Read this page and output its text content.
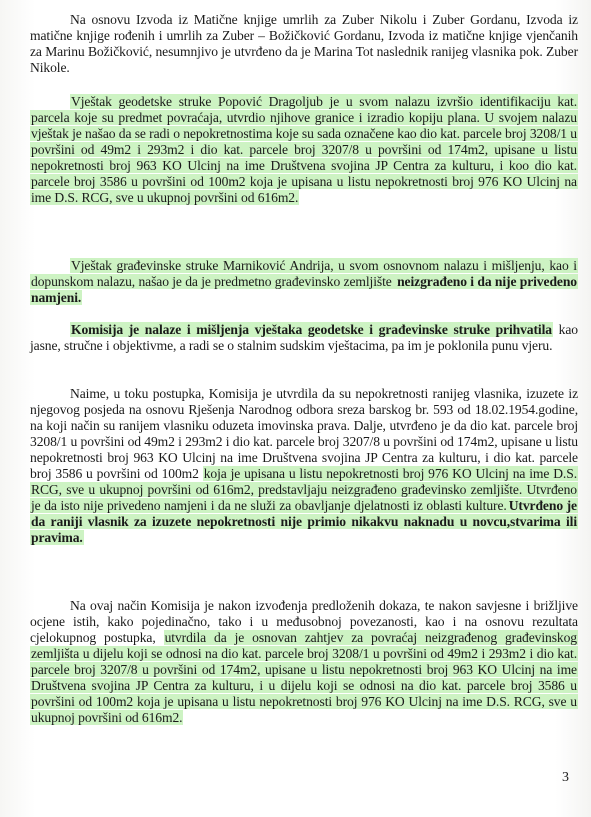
Na osnovu Izvoda iz Matične knjige umrlih za Zuber Nikolu i Zuber Gordanu, Izvoda iz matične knjige rođenih i umrlih za Zuber – Božičković Gordanu, Izvoda iz matične knjige vjenčanih za Marinu Božičković, nesumnjivo je utvrđeno da je Marina Tot naslednik ranijeg vlasnika pok. Zuber Nikole.
Vještak geodetske struke Popović Dragoljub je u svom nalazu izvršio identifikaciju kat. parcela koje su predmet povraćaja, utvrdio njihove granice i izradio kopiju plana. U svojem nalazu vještak je našao da se radi o nepokretnostima koje su sada označene kao dio kat. parcele broj 3208/1 u površini od 49m2 i 293m2 i dio kat. parcele broj 3207/8 u površini od 174m2, upisane u listu nepokretnosti broj 963 KO Ulcinj na ime Društvena svojina JP Centra za kulturu, i koo dio kat. parcele broj 3586 u površini od 100m2 koja je upisana u listu nepokretnosti broj 976 KO Ulcinj na ime D.S. RCG, sve u ukupnoj površini od 616m2.
Vještak građevinske struke Marniković Andrija, u svom osnovnom nalazu i mišljenju, kao i dopunskom nalazu, našao je da je predmetno građevinsko zemljište neizgrađeno i da nije privedeno namjeni.
Komisija je nalaze i mišljenja vještaka geodetske i građevinske struke prihvatila kao jasne, stručne i objektivme, a radi se o stalnim sudskim vještacima, pa im je poklonila punu vjeru.
Naime, u toku postupka, Komisija je utvrdila da su nepokretnosti ranijeg vlasnika, izuzete iz njegovog posjeda na osnovu Rješenja Narodnog odbora sreza barskog br. 593 od 18.02.1954.godine, na koji način su ranijem vlasniku oduzeta imovinska prava. Dalje, utvrđeno je da dio kat. parcele broj 3208/1 u površini od 49m2 i 293m2 i dio kat. parcele broj 3207/8 u površini od 174m2, upisane u listu nepokretnosti broj 963 KO Ulcinj na ime Društvena svojina JP Centra za kulturu, i dio kat. parcele broj 3586 u površini od 100m2 koja je upisana u listu nepokretnosti broj 976 KO Ulcinj na ime D.S. RCG, sve u ukupnoj površini od 616m2, predstavljaju neizgrađeno građevinsko zemljište. Utvrđeno je da isto nije privedeno namjeni i da ne služi za obavljanje djelatnosti iz oblasti kulture. Utvrđeno je da raniji vlasnik za izuzete nepokretnosti nije primio nikakvu naknadu u novcu,stvarima ili pravima.
Na ovaj način Komisija je nakon izvođenja predloženih dokaza, te nakon savjesne i brižljive ocjene istih, kako pojedinačno, tako i u međusobnoj povezanosti, kao i na osnovu rezultata cjelokupnog postupka, utvrdila da je osnovan zahtjev za povraćaj neizgrađenog građevinskog zemljišta u dijelu koji se odnosi na dio kat. parcele broj 3208/1 u površini od 49m2 i 293m2 i dio kat. parcele broj 3207/8 u površini od 174m2, upisane u listu nepokretnosti broj 963 KO Ulcinj na ime Društvena svojina JP Centra za kulturu, i u dijelu koji se odnosi na dio kat. parcele broj 3586 u površini od 100m2 koja je upisana u listu nepokretnosti broj 976 KO Ulcinj na ime D.S. RCG, sve u ukupnoj površini od 616m2.
3
